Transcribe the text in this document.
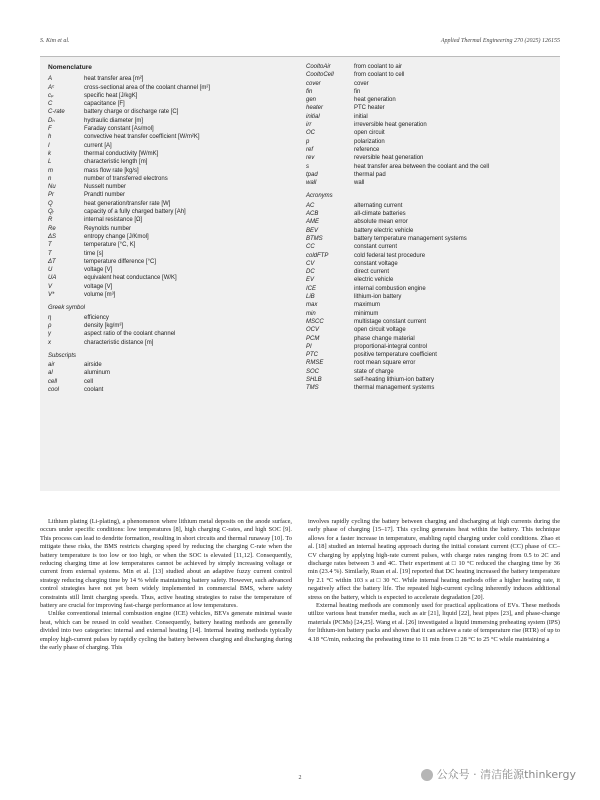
S. Kim et al.	Applied Thermal Engineering 270 (2025) 126155
Nomenclature
A	heat transfer area [m²]
Aᶜ	cross-sectional area of the coolant channel [m²]
cₚ	specific heat [J/kgK]
C	capacitance [F]
C-rate	battery charge or discharge rate [C]
Dₕ	hydraulic diameter [m]
F	Faraday constant [As/mol]
h	convective heat transfer coefficient [W/m²K]
I	current [A]
k	thermal conductivity [W/mK]
L	characteristic length [m]
m	mass flow rate [kg/s]
n	number of transferred electrons
Nu	Nusselt number
Pr	Prandtl number
Q	heat generation/transfer rate [W]
Qᵣ	capacity of a fully charged battery [Ah]
R	internal resistance [Ω]
Re	Reynolds number
ΔS	entropy change [J/Kmol]
T	temperature [°C, K]
T	time [s]
ΔT	temperature difference [°C]
U	voltage [V]
UA	equivalent heat conductance [W/K]
V	voltage [V]
V*	volume [m³]
Greek symbol
η	efficiency
ρ	density [kg/m³]
γ	aspect ratio of the coolant channel
x	characteristic distance [m]
Subscripts
air	airside
al	aluminum
cell	cell
cool	coolant
CooltoAir	from coolant to air
CooltoCell	from coolant to cell
cover	cover
fin	fin
gen	heat generation
heater	PTC heater
initial	initial
irr	irreversible heat generation
OC	open circuit
p	polarization
ref	reference
rev	reversible heat generation
s	heat transfer area between the coolant and the cell
tpad	thermal pad
wall	wall
Acronyms
AC	alternating current
ACB	all-climate batteries
AME	absolute mean error
BEV	battery electric vehicle
BTMS	battery temperature management systems
CC	constant current
coldFTP	cold federal test procedure
CV	constant voltage
DC	direct current
EV	electric vehicle
ICE	internal combustion engine
LiB	lithium-ion battery
max	maximum
min	minimum
MSCC	multistage constant current
OCV	open circuit voltage
PCM	phase change material
PI	proportional-integral control
PTC	positive temperature coefficient
RMSE	root mean square error
SOC	state of charge
SHLB	self-heating lithium-ion battery
TMS	thermal management systems

Lithium plating (Li-plating), a phenomenon where lithium metal deposits on the anode surface, occurs under specific conditions: low temperatures [8], high charging C-rates, and high SOC [9]. This process can lead to dendrite formation, resulting in short circuits and thermal runaway [10]. To mitigate these risks, the BMS restricts charging speed by reducing the charging C-rate when the battery temperature is too low or too high, or when the SOC is elevated [11,12]. Consequently, reducing charging time at low temperatures cannot be achieved by simply increasing voltage or current from external systems. Min et al. [13] studied about an adaptive fuzzy current control strategy reducing charging time by 14 % while maintaining battery safety. However, such advanced control strategies have not yet been widely implemented in commercial BMS, where safety constraints still limit charging speeds. Thus, active heating strategies to raise the temperature of battery are crucial for improving fast-charge performance at low temperatures.

Unlike conventional internal combustion engine (ICE) vehicles, BEVs generate minimal waste heat, which can be reused in cold weather. Consequently, battery heating methods are generally divided into two categories: internal and external heating [14]. Internal heating methods typically employ high-current pulses by rapidly cycling the battery between charging and discharging during the early phase of charging. This

involves rapidly cycling the battery between charging and discharging at high currents during the early phase of charging [15–17]. This cycling generates heat within the battery. This technique allows for a faster increase in temperature, enabling rapid charging under cold conditions. Zhao et al. [18] studied an internal heating approach during the initial constant current (CC) phase of CC–CV charging by applying high-rate current pulses, with charge rates ranging from 0.5 to 2C and discharge rates between 3 and 4C. Their experiment at □ 10 °C reduced the charging time by 36 min (23.4 %). Similarly, Ruan et al. [19] reported that DC heating increased the battery temperature by 2.1 °C within 103 s at □ 30 °C. While internal heating methods offer a higher heating rate, it negatively affect the battery life. The repeated high-current cycling inherently induces additional stress on the battery, which is expected to accelerate degradation [20].

External heating methods are commonly used for practical applications of EVs. These methods utilize various heat transfer media, such as air [21], liquid [22], heat pipes [23], and phase-change materials (PCMs) [24,25]. Wang et al. [26] investigated a liquid immersing preheating system (IPS) for lithium-ion battery packs and shown that it can achieve a rate of temperature rise (RTR) of up to 4.18 °C/min, reducing the preheating time to 11 min from □ 28 °C to 25 °C while maintaining a

2	公众号 · 清洁能源thinkergy
